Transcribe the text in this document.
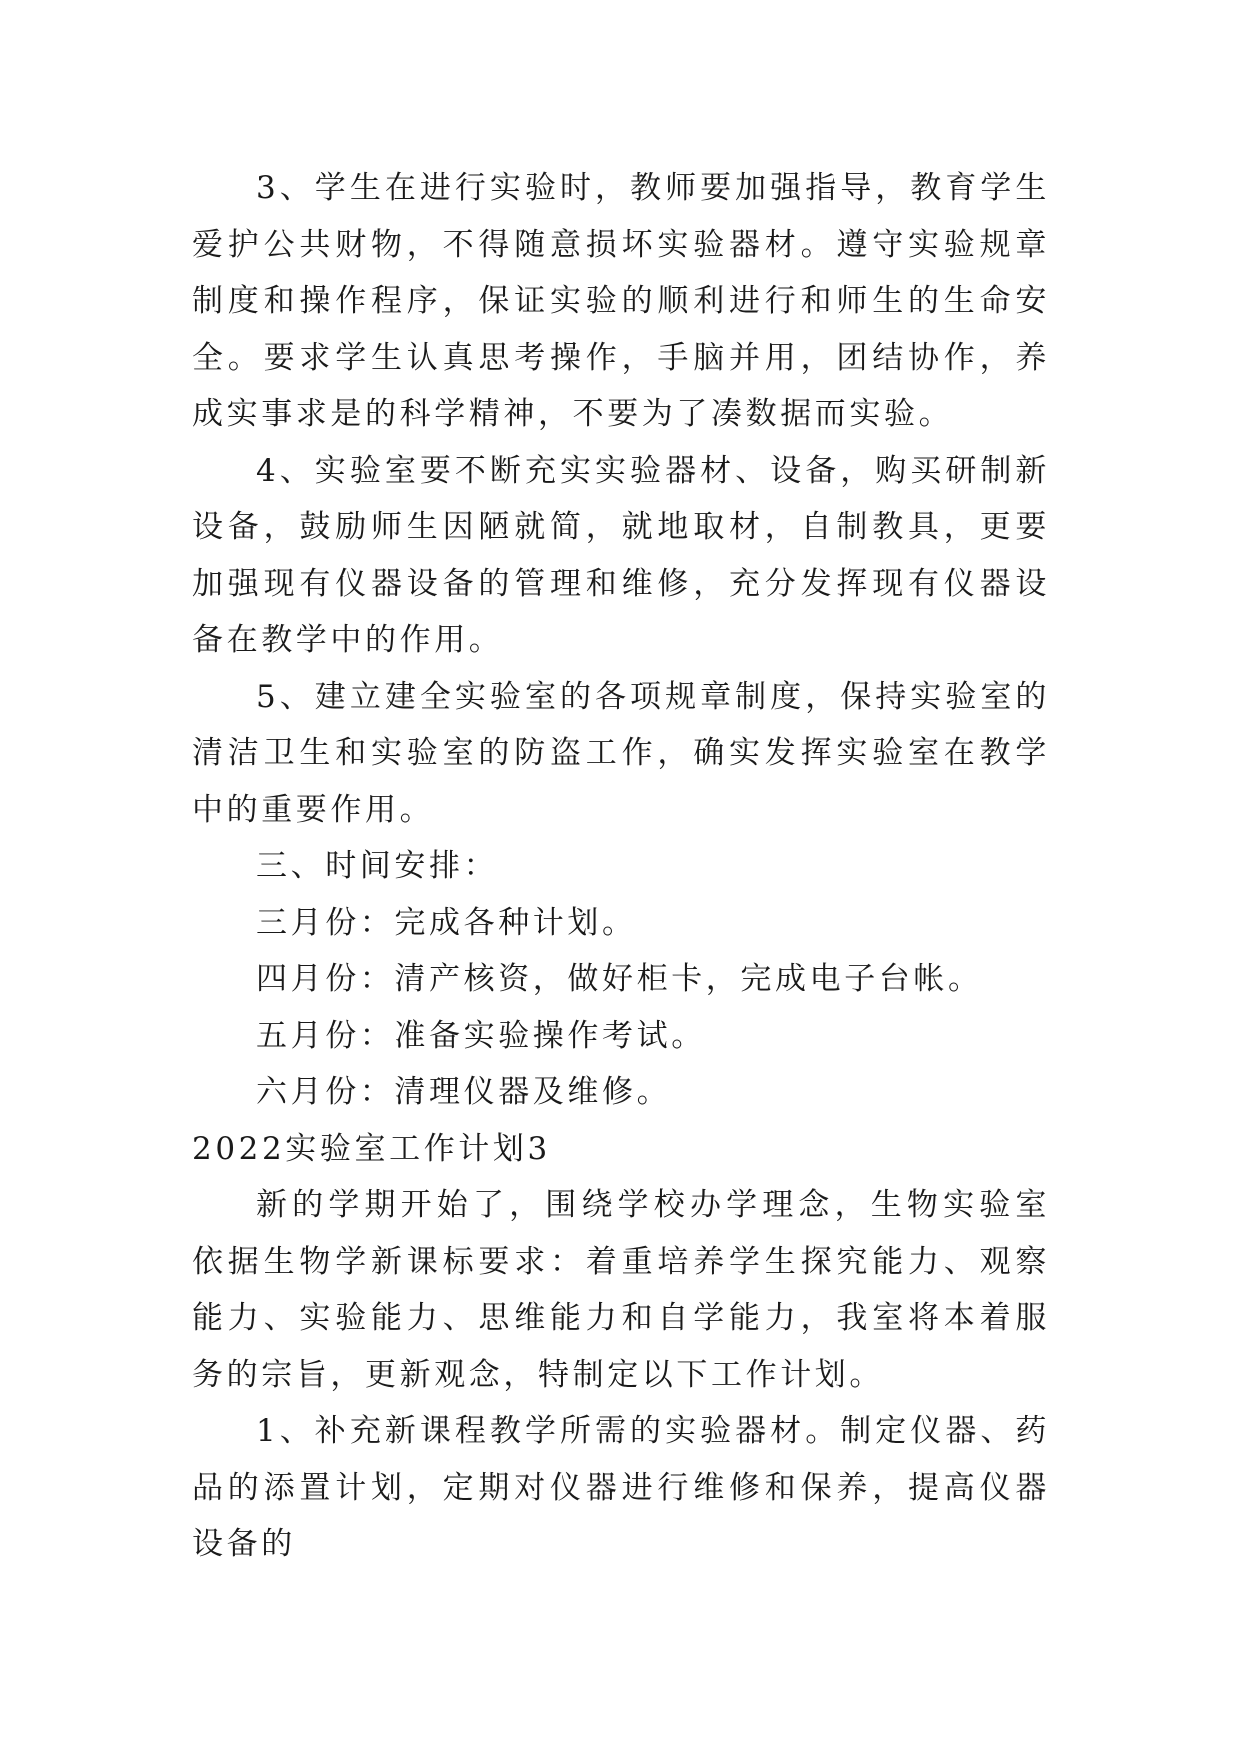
3、学生在进行实验时，教师要加强指导，教育学生爱护公共财物，不得随意损坏实验器材。遵守实验规章制度和操作程序，保证实验的顺利进行和师生的生命安全。要求学生认真思考操作，手脑并用，团结协作，养成实事求是的科学精神，不要为了凑数据而实验。

4、实验室要不断充实实验器材、设备，购买研制新设备，鼓励师生因陋就简，就地取材，自制教具，更要加强现有仪器设备的管理和维修，充分发挥现有仪器设备在教学中的作用。

5、建立建全实验室的各项规章制度，保持实验室的清洁卫生和实验室的防盗工作，确实发挥实验室在教学中的重要作用。

三、时间安排：

三月份：完成各种计划。

四月份：清产核资，做好柜卡，完成电子台帐。

五月份：准备实验操作考试。

六月份：清理仪器及维修。

2022实验室工作计划3

新的学期开始了，围绕学校办学理念，生物实验室依据生物学新课标要求：着重培养学生探究能力、观察能力、实验能力、思维能力和自学能力，我室将本着服务的宗旨，更新观念，特制定以下工作计划。

1、补充新课程教学所需的实验器材。制定仪器、药品的添置计划，定期对仪器进行维修和保养，提高仪器设备的
